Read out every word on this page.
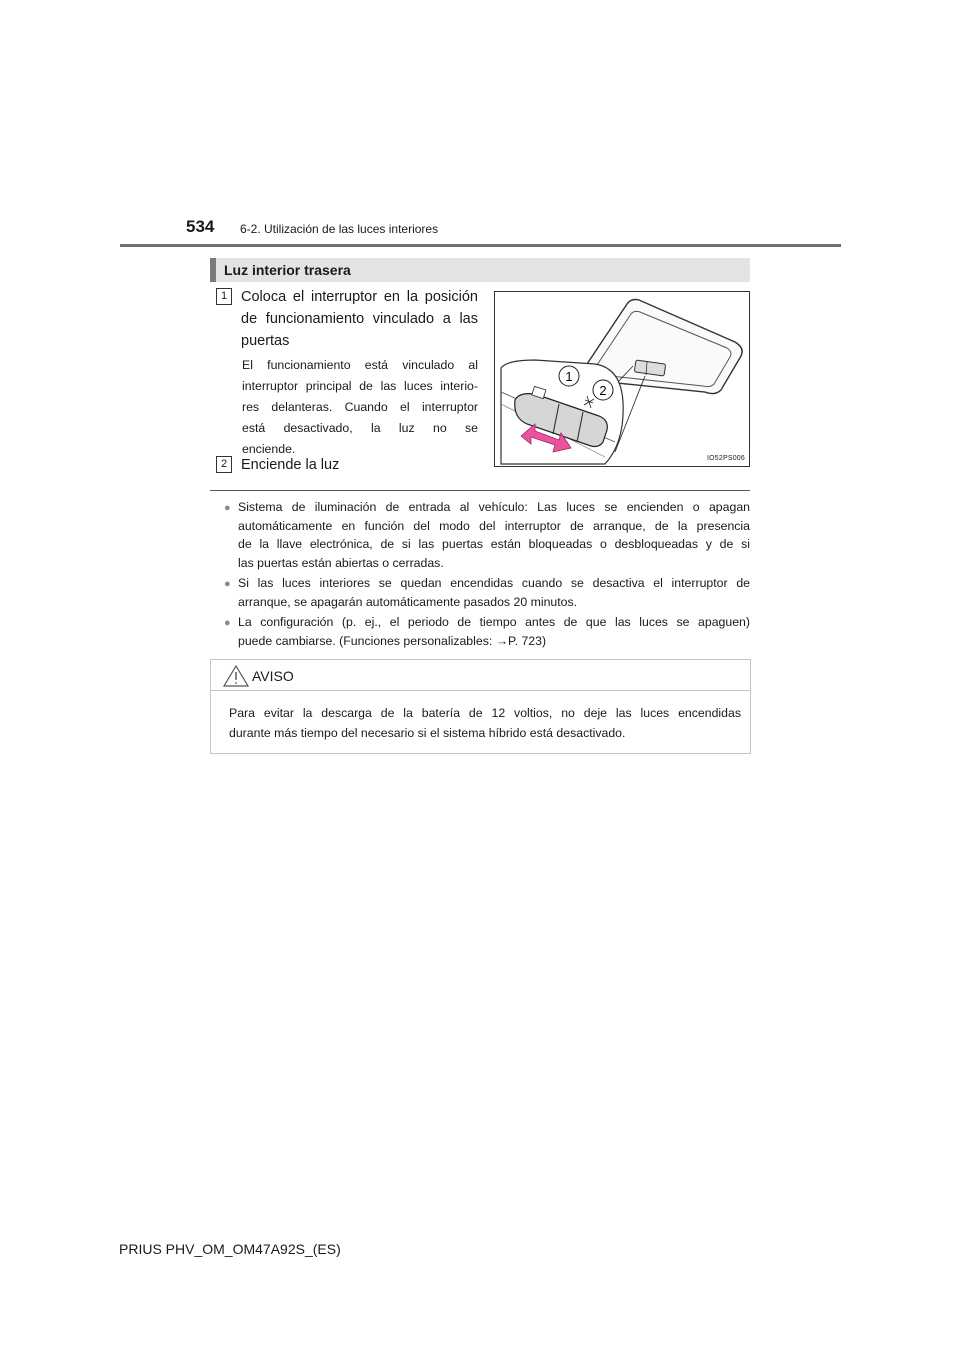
534 6-2. Utilización de las luces interiores
Luz interior trasera
1 Coloca el interruptor en la posición
de funcionamiento vinculado a las
puertas
El funcionamiento está vinculado al
interruptor principal de las luces interio-
res delanteras. Cuando el interruptor
está desactivado, la luz no se
enciende.
2 Enciende la luz
1
2
IO52PS006
● Sistema de iluminación de entrada al vehículo: Las luces se encienden o apagan
automáticamente en función del modo del interruptor de arranque, de la presencia
de la llave electrónica, de si las puertas están bloqueadas o desbloqueadas y de si
las puertas están abiertas o cerradas.
● Si las luces interiores se quedan encendidas cuando se desactiva el interruptor de
arranque, se apagarán automáticamente pasados 20 minutos.
● La configuración (p. ej., el periodo de tiempo antes de que las luces se apaguen)
puede cambiarse. (Funciones personalizables: →P. 723)
AVISO
Para evitar la descarga de la batería de 12 voltios, no deje las luces encendidas
durante más tiempo del necesario si el sistema híbrido está desactivado.
PRIUS PHV_OM_OM47A92S_(ES)
